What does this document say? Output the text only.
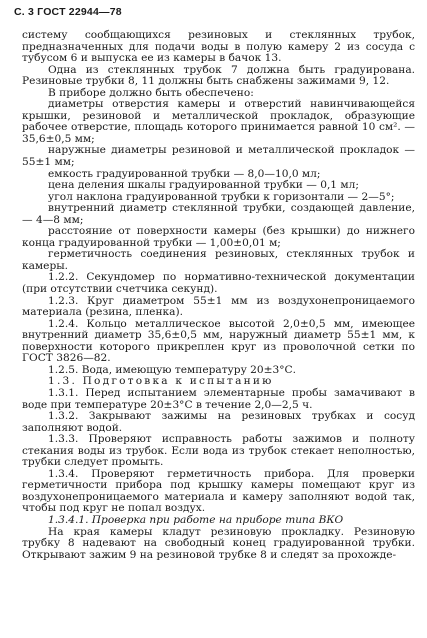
С. 3 ГОСТ 22944—78

систему сообщающихся резиновых и стеклянных трубок, предназначенных для подачи воды в полую камеру 2 из сосуда с тубусом 6 и выпуска ее из камеры в бачок 13.

Одна из стеклянных трубок 7 должна быть градуирована. Резиновые трубки 8, 11 должны быть снабжены зажимами 9, 12.

В приборе должно быть обеспечено:

диаметры отверстия камеры и отверстий навинчивающейся крышки, резиновой и металлической прокладок, образующие рабочее отверстие, площадь которого принимается равной 10 см². — 35,6±0,5 мм;

наружные диаметры резиновой и металлической прокладок — 55±1 мм;

емкость градуированной трубки — 8,0—10,0 мл;

цена деления шкалы градуированной трубки — 0,1 мл;

угол наклона градуированной трубки к горизонтали — 2—5°;

внутренний диаметр стеклянной трубки, создающей давление, — 4—8 мм;

расстояние от поверхности камеры (без крышки) до нижнего конца градуированной трубки — 1,00±0,01 м;

герметичность соединения резиновых, стеклянных трубок и камеры.

1.2.2. Секундомер по нормативно-технической документации (при отсутствии счетчика секунд).

1.2.3. Круг диаметром 55±1 мм из воздухонепроницаемого материала (резина, пленка).

1.2.4. Кольцо металлическое высотой 2,0±0,5 мм, имеющее внутренний диаметр 35,6±0,5 мм, наружный диаметр 55±1 мм, к поверхности которого прикреплен круг из проволочной сетки по ГОСТ 3826—82.

1.2.5. Вода, имеющую температуру 20±3°С.

1.3. Подготовка к испытанию

1.3.1. Перед испытанием элементарные пробы замачивают в воде при температуре 20±3°С в течение 2,0—2,5 ч.

1.3.2. Закрывают зажимы на резиновых трубках и сосуд заполняют водой.

1.3.3. Проверяют исправность работы зажимов и полноту стекания воды из трубок. Если вода из трубок стекает неполностью, трубки следует промыть.

1.3.4. Проверяют герметичность прибора. Для проверки герметичности прибора под крышку камеры помещают круг из воздухонепроницаемого материала и камеру заполняют водой так, чтобы под круг не попал воздух.

1.3.4.1. Проверка при работе на приборе типа ВКО

На края камеры кладут резиновую прокладку. Резиновую трубку 8 надевают на свободный конец градуированной трубки. Открывают зажим 9 на резиновой трубке 8 и следят за прохожде-
